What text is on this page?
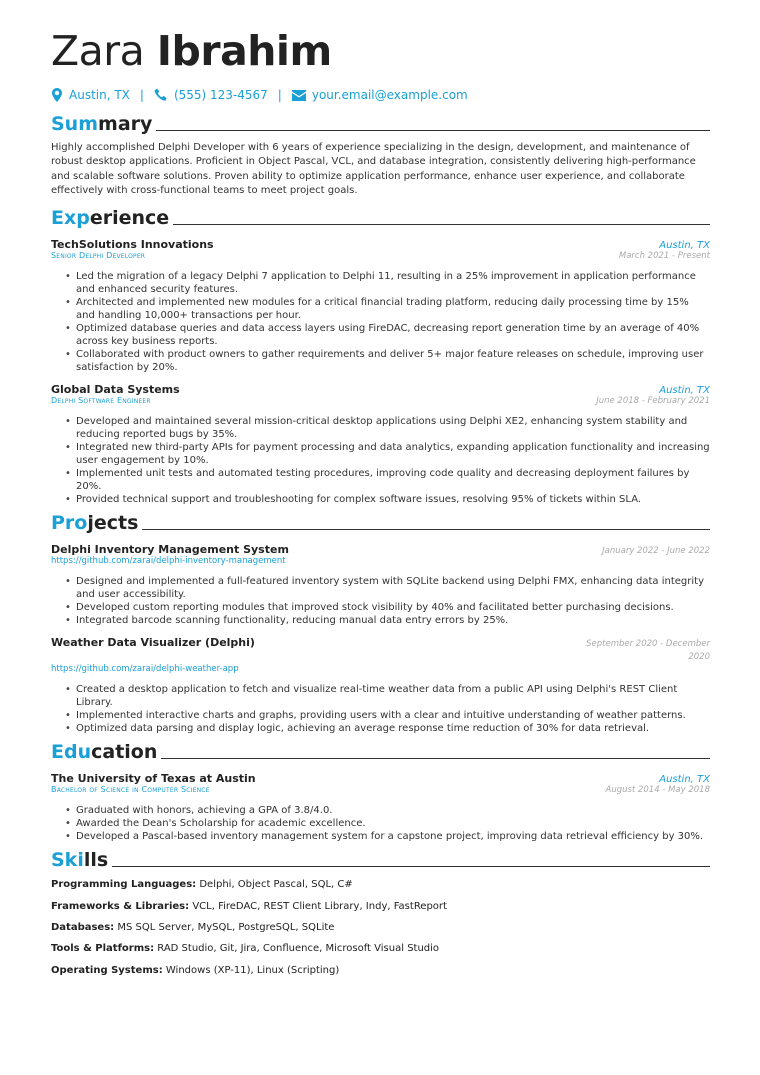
Zara Ibrahim
Austin, TX |	(555) 123-4567 |	your.email@example.com
Summary

Highly accomplished Delphi Developer with 6 years of experience specializing in the design, development, and maintenance of robust desktop applications. Proficient in Object Pascal, VCL, and database integration, consistently delivering high-performance and scalable software solutions. Proven ability to optimize application performance, enhance user experience, and collaborate effectively with cross-functional teams to meet project goals.

Experience
TechSolutions Innovations	Austin, TX
Senior Delphi Developer	March 2021 - Present
• Led the migration of a legacy Delphi 7 application to Delphi 11, resulting in a 25% improvement in application performance and enhanced security features.
• Architected and implemented new modules for a critical financial trading platform, reducing daily processing time by 15% and handling 10,000+ transactions per hour.
• Optimized database queries and data access layers using FireDAC, decreasing report generation time by an average of 40% across key business reports.
• Collaborated with product owners to gather requirements and deliver 5+ major feature releases on schedule, improving user satisfaction by 20%.
Global Data Systems	Austin, TX
Delphi Software Engineer	June 2018 - February 2021
• Developed and maintained several mission-critical desktop applications using Delphi XE2, enhancing system stability and reducing reported bugs by 35%.
• Integrated new third-party APIs for payment processing and data analytics, expanding application functionality and increasing user engagement by 10%.
• Implemented unit tests and automated testing procedures, improving code quality and decreasing deployment failures by 20%.
• Provided technical support and troubleshooting for complex software issues, resolving 95% of tickets within SLA.
Projects
Delphi Inventory Management System	January 2022 - June 2022
https://github.com/zarai/delphi-inventory-management
• Designed and implemented a full-featured inventory system with SQLite backend using Delphi FMX, enhancing data integrity and user accessibility.
• Developed custom reporting modules that improved stock visibility by 40% and facilitated better purchasing decisions.
• Integrated barcode scanning functionality, reducing manual data entry errors by 25%.
Weather Data Visualizer (Delphi)	September 2020 - December 2020
https://github.com/zarai/delphi-weather-app
• Created a desktop application to fetch and visualize real-time weather data from a public API using Delphi's REST Client Library.
• Implemented interactive charts and graphs, providing users with a clear and intuitive understanding of weather patterns.
• Optimized data parsing and display logic, achieving an average response time reduction of 30% for data retrieval.
Education
The University of Texas at Austin	Austin, TX
Bachelor of Science in Computer Science	August 2014 - May 2018
• Graduated with honors, achieving a GPA of 3.8/4.0.
• Awarded the Dean's Scholarship for academic excellence.
• Developed a Pascal-based inventory management system for a capstone project, improving data retrieval efficiency by 30%.
Skills
Programming Languages: Delphi, Object Pascal, SQL, C#
Frameworks & Libraries: VCL, FireDAC, REST Client Library, Indy, FastReport
Databases: MS SQL Server, MySQL, PostgreSQL, SQLite
Tools & Platforms: RAD Studio, Git, Jira, Confluence, Microsoft Visual Studio
Operating Systems: Windows (XP-11), Linux (Scripting)
